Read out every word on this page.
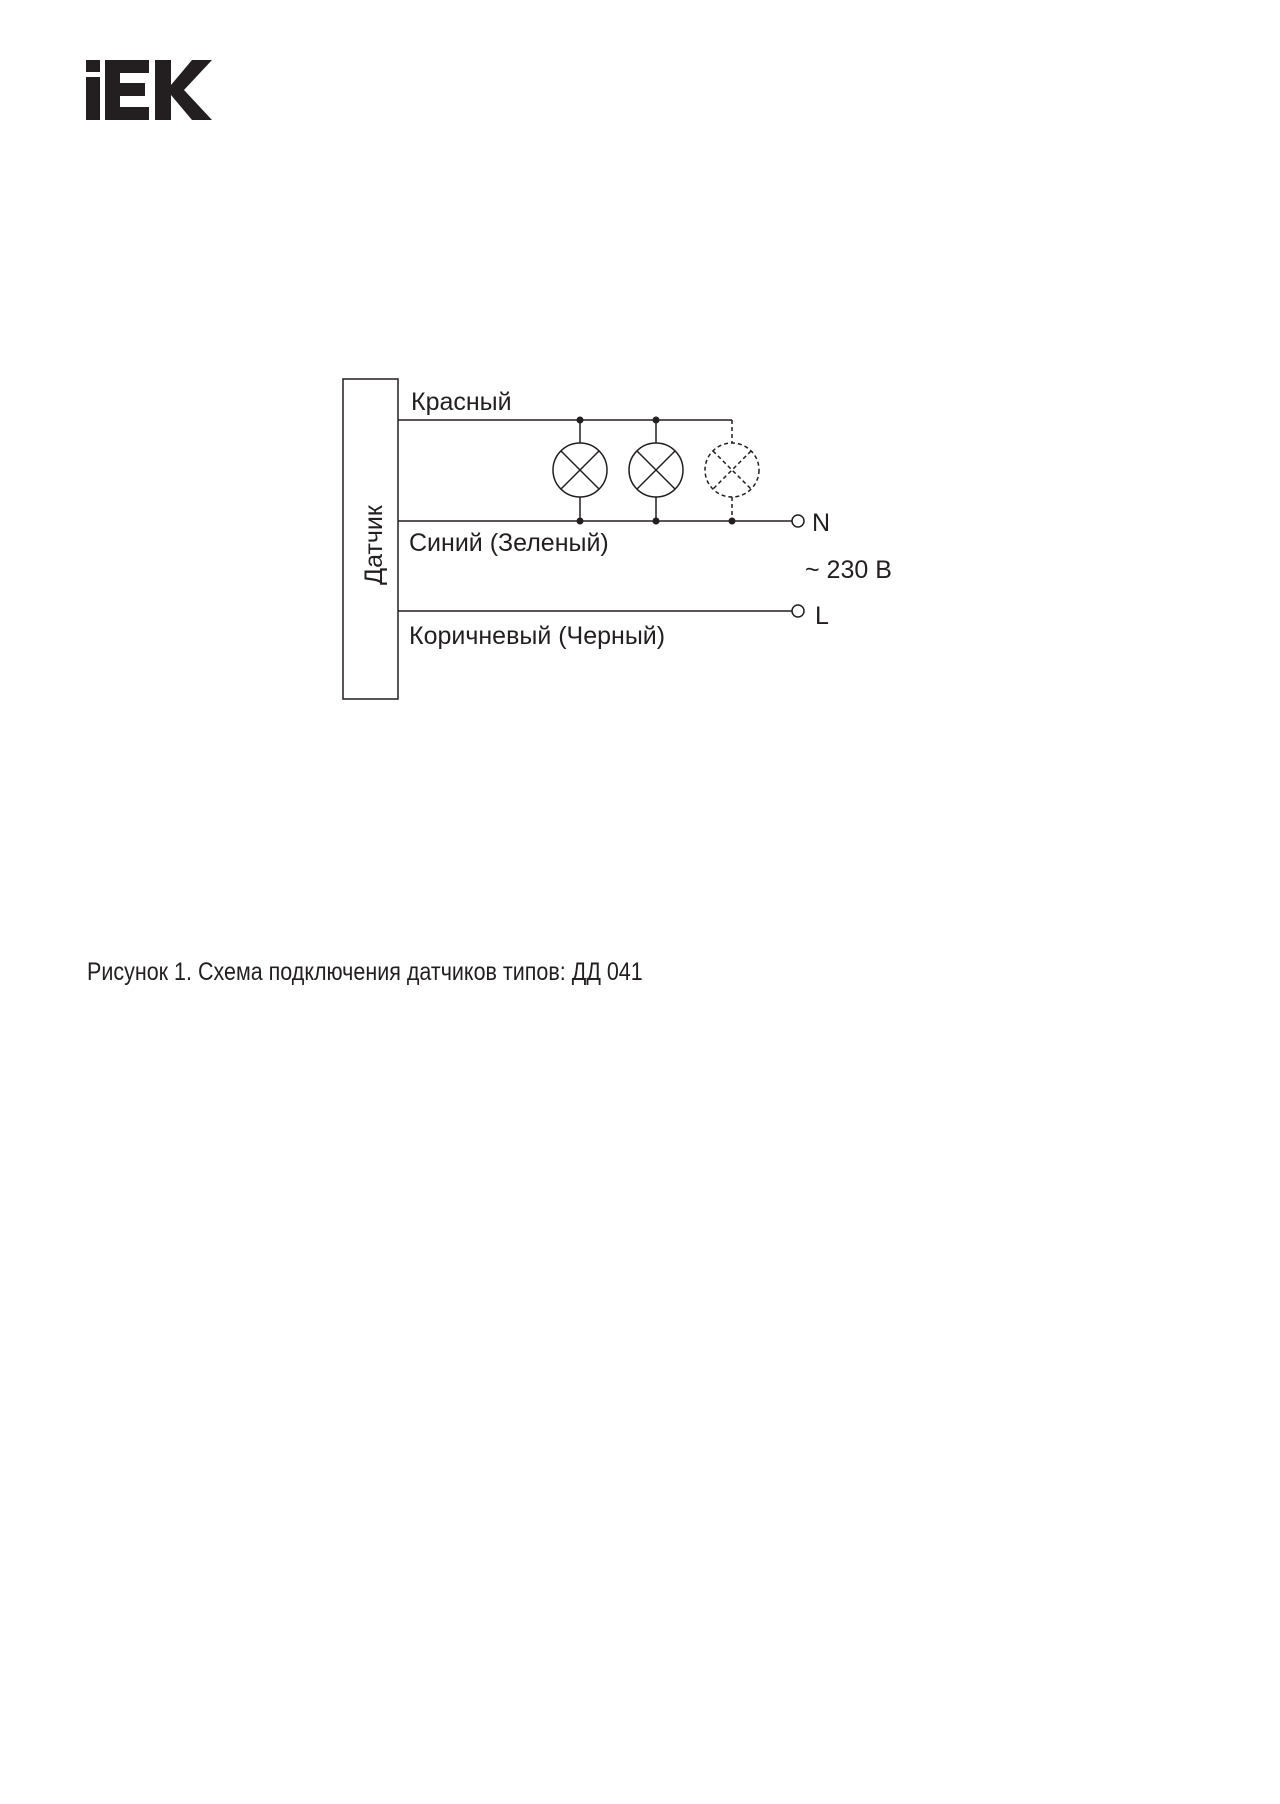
Датчик
Красный
N
Синий (Зеленый)
~ 230 В
L
Коричневый (Черный)

Рисунок 1. Схема подключения датчиков типов: ДД 041
